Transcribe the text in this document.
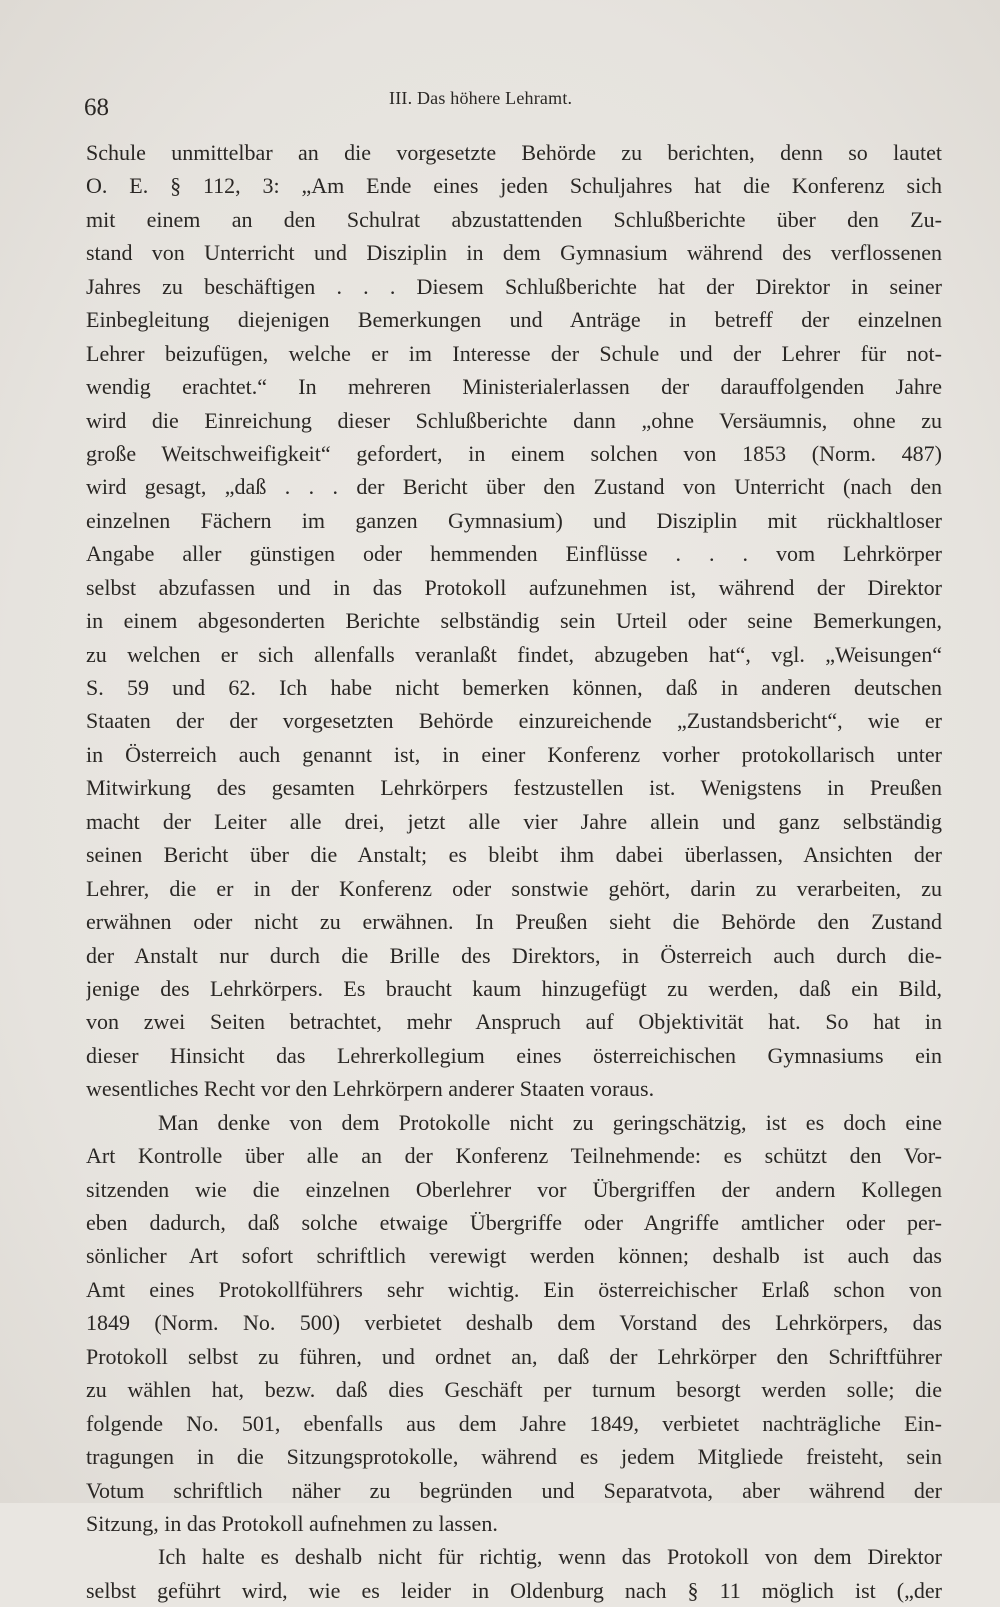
68	III. Das höhere Lehramt.
Schule unmittelbar an die vorgesetzte Behörde zu berichten, denn so lautet
O. E. § 112, 3: „Am Ende eines jeden Schuljahres hat die Konferenz sich
mit einem an den Schulrat abzustattenden Schlußberichte über den Zu-
stand von Unterricht und Disziplin in dem Gymnasium während des verflossenen
Jahres zu beschäftigen . . . Diesem Schlußberichte hat der Direktor in seiner
Einbegleitung diejenigen Bemerkungen und Anträge in betreff der einzelnen
Lehrer beizufügen, welche er im Interesse der Schule und der Lehrer für not-
wendig erachtet.“ In mehreren Ministerialerlassen der darauffolgenden Jahre
wird die Einreichung dieser Schlußberichte dann „ohne Versäumnis, ohne zu
große Weitschweifigkeit“ gefordert, in einem solchen von 1853 (Norm. 487)
wird gesagt, „daß . . . der Bericht über den Zustand von Unterricht (nach den
einzelnen Fächern im ganzen Gymnasium) und Disziplin mit rückhaltloser
Angabe aller günstigen oder hemmenden Einflüsse . . . vom Lehrkörper
selbst abzufassen und in das Protokoll aufzunehmen ist, während der Direktor
in einem abgesonderten Berichte selbständig sein Urteil oder seine Bemerkungen,
zu welchen er sich allenfalls veranlaßt findet, abzugeben hat“, vgl. „Weisungen“
S. 59 und 62. Ich habe nicht bemerken können, daß in anderen deutschen
Staaten der der vorgesetzten Behörde einzureichende „Zustandsbericht“, wie er
in Österreich auch genannt ist, in einer Konferenz vorher protokollarisch unter
Mitwirkung des gesamten Lehrkörpers festzustellen ist. Wenigstens in Preußen
macht der Leiter alle drei, jetzt alle vier Jahre allein und ganz selbständig
seinen Bericht über die Anstalt; es bleibt ihm dabei überlassen, Ansichten der
Lehrer, die er in der Konferenz oder sonstwie gehört, darin zu verarbeiten, zu
erwähnen oder nicht zu erwähnen. In Preußen sieht die Behörde den Zustand
der Anstalt nur durch die Brille des Direktors, in Österreich auch durch die-
jenige des Lehrkörpers. Es braucht kaum hinzugefügt zu werden, daß ein Bild,
von zwei Seiten betrachtet, mehr Anspruch auf Objektivität hat. So hat in
dieser Hinsicht das Lehrerkollegium eines österreichischen Gymnasiums ein
wesentliches Recht vor den Lehrkörpern anderer Staaten voraus.
Man denke von dem Protokolle nicht zu geringschätzig, ist es doch eine
Art Kontrolle über alle an der Konferenz Teilnehmende: es schützt den Vor-
sitzenden wie die einzelnen Oberlehrer vor Übergriffen der andern Kollegen
eben dadurch, daß solche etwaige Übergriffe oder Angriffe amtlicher oder per-
sönlicher Art sofort schriftlich verewigt werden können; deshalb ist auch das
Amt eines Protokollführers sehr wichtig. Ein österreichischer Erlaß schon von
1849 (Norm. No. 500) verbietet deshalb dem Vorstand des Lehrkörpers, das
Protokoll selbst zu führen, und ordnet an, daß der Lehrkörper den Schriftführer
zu wählen hat, bezw. daß dies Geschäft per turnum besorgt werden solle; die
folgende No. 501, ebenfalls aus dem Jahre 1849, verbietet nachträgliche Ein-
tragungen in die Sitzungsprotokolle, während es jedem Mitgliede freisteht, sein
Votum schriftlich näher zu begründen und Separatvota, aber während der
Sitzung, in das Protokoll aufnehmen zu lassen.
Ich halte es deshalb nicht für richtig, wenn das Protokoll von dem Direktor
selbst geführt wird, wie es leider in Oldenburg nach § 11 möglich ist („der
